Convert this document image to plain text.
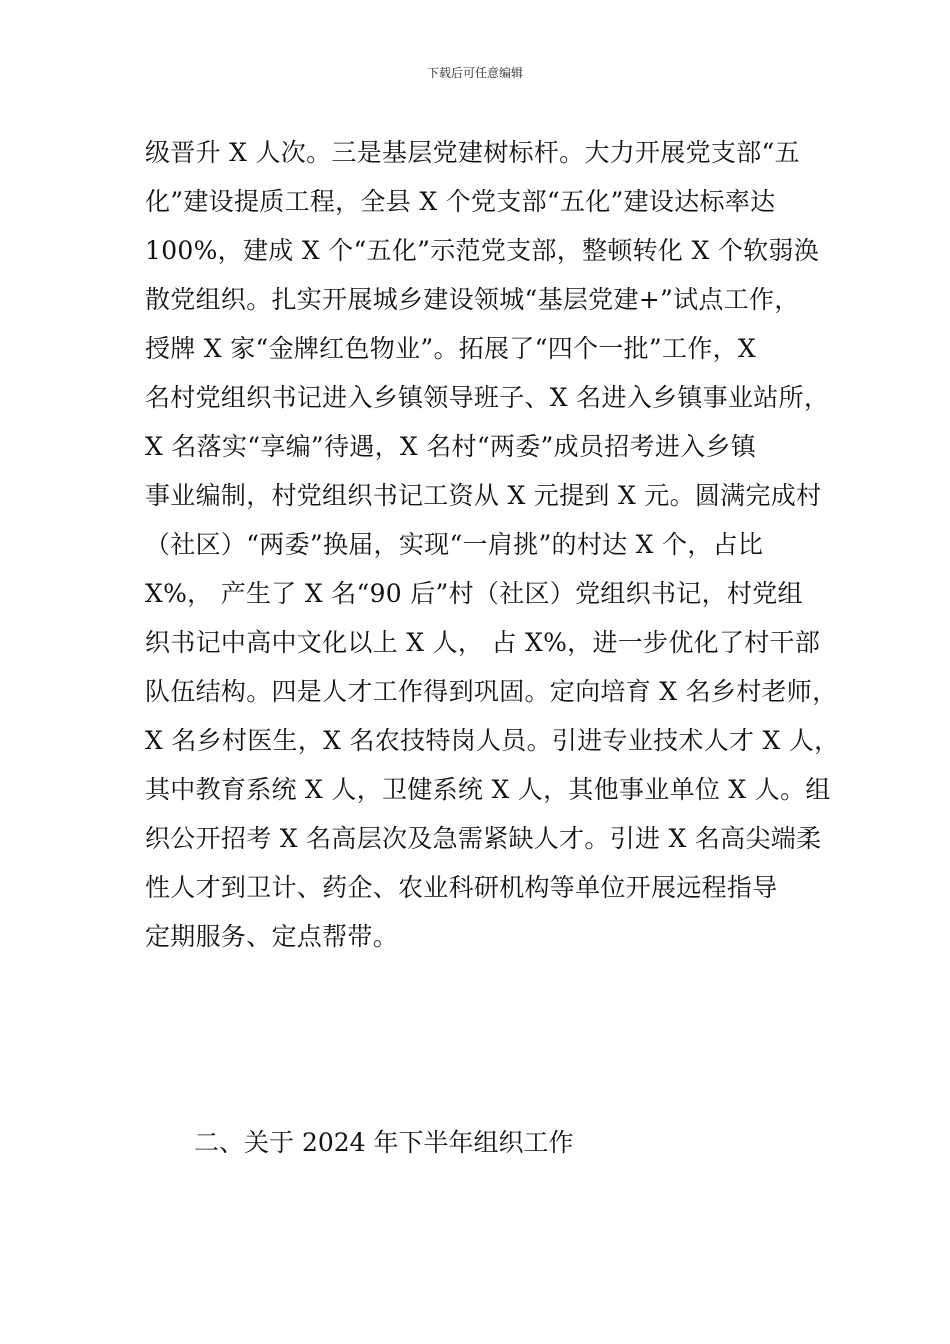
下载后可任意编辑
级晋升 X 人次。三是基层党建树标杆。大力开展党支部“五
化”建设提质工程，全县 X 个党支部“五化”建设达标率达
100%，建成 X 个“五化”示范党支部，整顿转化 X 个软弱涣
散党组织。扎实开展城乡建设领城“基层党建+”试点工作，
授牌 X 家“金牌红色物业”。拓展了“四个一批”工作，X
名村党组织书记进入乡镇领导班子、X 名进入乡镇事业站所，
X 名落实“享编”待遇，X 名村“两委”成员招考进入乡镇
事业编制，村党组织书记工资从 X 元提到 X 元。圆满完成村
（社区）“两委”换届，实现“一肩挑”的村达 X 个，占比
X%， 产生了 X 名“90 后”村（社区）党组织书记，村党组
织书记中高中文化以上 X 人， 占 X%，进一步优化了村干部
队伍结构。四是人才工作得到巩固。定向培育 X 名乡村老师，
X 名乡村医生，X 名农技特岗人员。引进专业技术人才 X 人，
其中教育系统 X 人，卫健系统 X 人，其他事业单位 X 人。组
织公开招考 X 名高层次及急需紧缺人才。引进 X 名高尖端柔
性人才到卫计、药企、农业科研机构等单位开展远程指导
定期服务、定点帮带。
二、关于 2024 年下半年组织工作
